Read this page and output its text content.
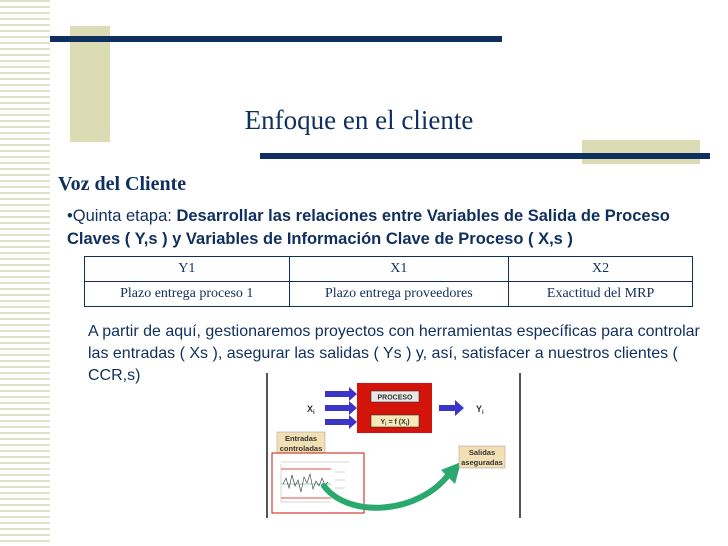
Enfoque en el cliente
Voz del Cliente
•Quinta etapa: Desarrollar las relaciones entre Variables de Salida de Proceso Claves ( Y,s ) y Variables de Información Clave de Proceso ( X,s )
Y1	X1	X2
Plazo entrega proceso 1	Plazo entrega proveedores	Exactitud del MRP
A partir de aquí, gestionaremos proyectos con herramientas específicas para controlar las entradas ( Xs ), asegurar las salidas ( Ys ) y, así, satisfacer a nuestros clientes ( CCR,s)
$X_i$
PROCESO
$Y_i = f$ $(X_i)$
$Y_i$
Entradas
controladas	Salidas
aseguradas
